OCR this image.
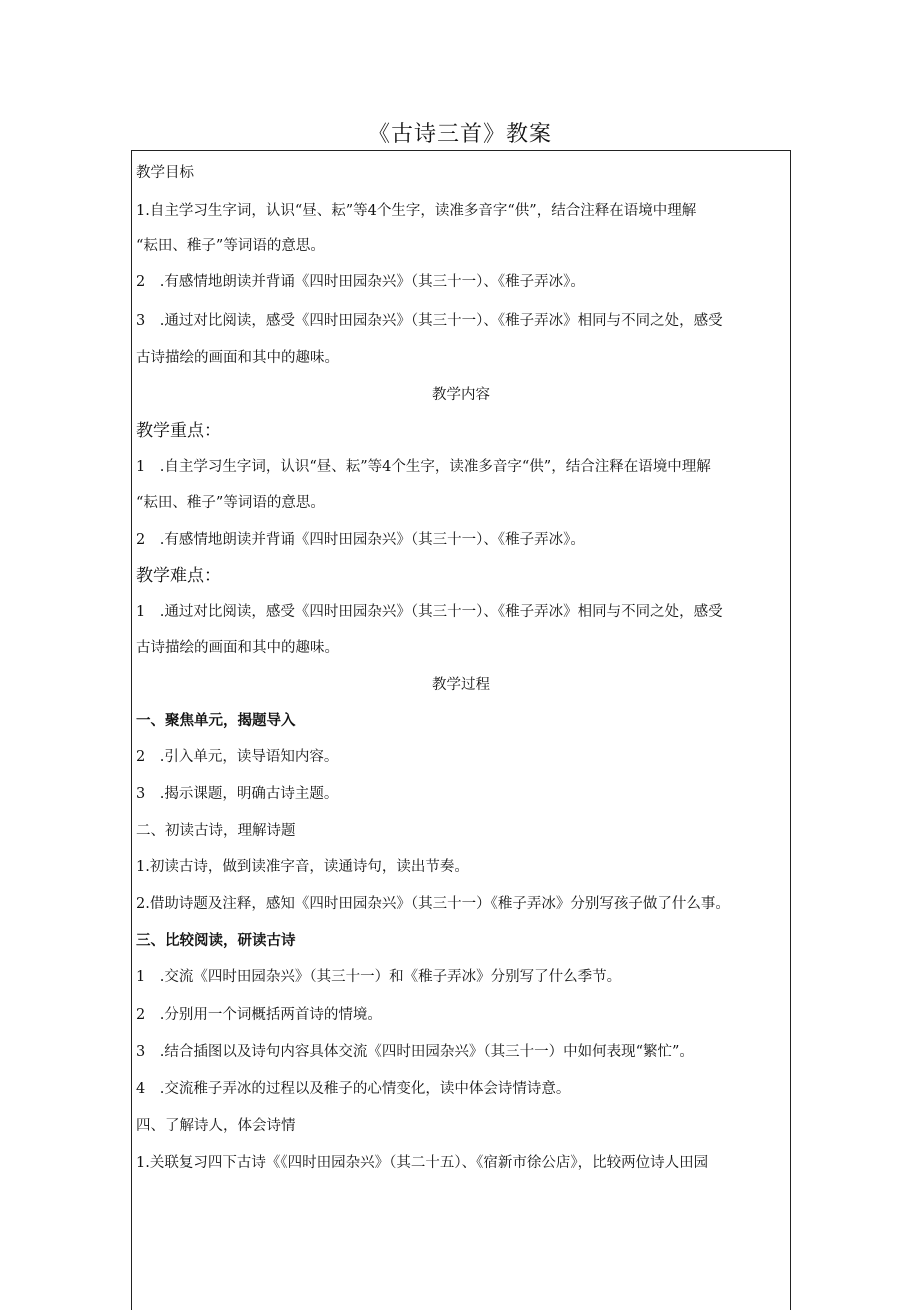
《古诗三首》教案
教学目标
1.自主学习生字词，认识“昼、耘”等4个生字，读准多音字“供”，结合注释在语境中理解
“耘田、稚子”等词语的意思。
2　.有感情地朗读并背诵《四时田园杂兴》（其三十一）、《稚子弄冰》。
3　.通过对比阅读，感受《四时田园杂兴》（其三十一）、《稚子弄冰》相同与不同之处，感受
古诗描绘的画面和其中的趣味。
教学内容
教学重点：
1　.自主学习生字词，认识“昼、耘”等4个生字，读准多音字“供”，结合注释在语境中理解
“耘田、稚子”等词语的意思。
2　.有感情地朗读并背诵《四时田园杂兴》（其三十一）、《稚子弄冰》。
教学难点：
1　.通过对比阅读，感受《四时田园杂兴》（其三十一）、《稚子弄冰》相同与不同之处，感受
古诗描绘的画面和其中的趣味。
教学过程
一、聚焦单元，揭题导入
2　.引入单元，读导语知内容。
3　.揭示课题，明确古诗主题。
二、初读古诗，理解诗题
1.初读古诗，做到读准字音，读通诗句，读出节奏。
2.借助诗题及注释，感知《四时田园杂兴》（其三十一）《稚子弄冰》分别写孩子做了什么事。
三、比较阅读，研读古诗
1　.交流《四时田园杂兴》（其三十一）和《稚子弄冰》分别写了什么季节。
2　.分别用一个词概括两首诗的情境。
3　.结合插图以及诗句内容具体交流《四时田园杂兴》（其三十一）中如何表现“繁忙”。
4　.交流稚子弄冰的过程以及稚子的心情变化，读中体会诗情诗意。
四、了解诗人，体会诗情
1.关联复习四下古诗《《四时田园杂兴》（其二十五）、《宿新市徐公店》，比较两位诗人田园
